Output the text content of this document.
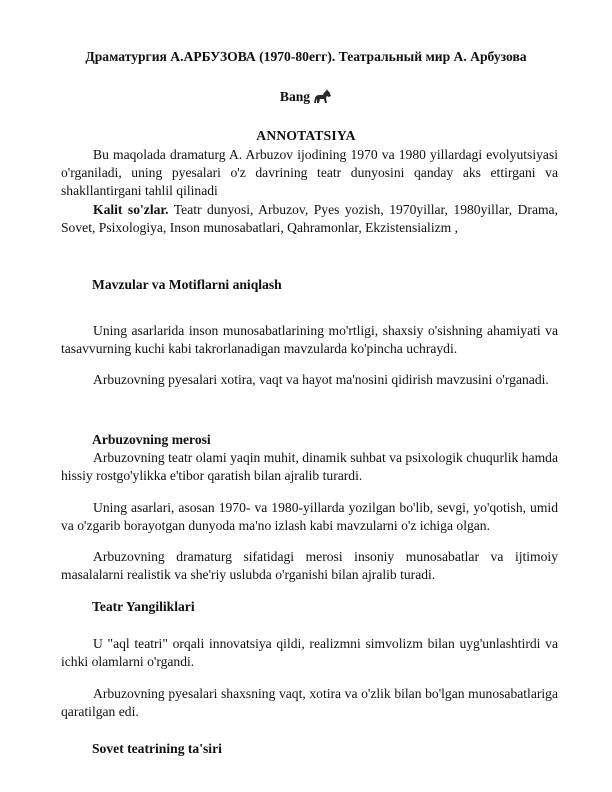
Драматургия А.АРБУЗОВА (1970-80егг). Театральный мир А. Арбузова
Bang
ANNOTATSIYA

Bu maqolada dramaturg A. Arbuzov ijodining 1970 va 1980 yillardagi evolyutsiyasi o'rganiladi, uning pyesalari o'z davrining teatr dunyosini qanday aks ettirgani va shakllantirgani tahlil qilinadi

Kalit so'zlar. Teatr dunyosi, Arbuzov, Pyes yozish, 1970yillar, 1980yillar, Drama, Sovet, Psixologiya, Inson munosabatlari, Qahramonlar, Ekzistensializm ,

Mavzular va Motiflarni aniqlash

Uning asarlarida inson munosabatlarining mo'rtligi, shaxsiy o'sishning ahamiyati va tasavvurning kuchi kabi takrorlanadigan mavzularda ko'pincha uchraydi.

Arbuzovning pyesalari xotira, vaqt va hayot ma'nosini qidirish mavzusini o'rganadi.

Arbuzovning merosi

Arbuzovning teatr olami yaqin muhit, dinamik suhbat va psixologik chuqurlik hamda hissiy rostgo'ylikka e'tibor qaratish bilan ajralib turardi.

Uning asarlari, asosan 1970- va 1980-yillarda yozilgan bo'lib, sevgi, yo'qotish, umid va o'zgarib borayotgan dunyoda ma'no izlash kabi mavzularni o'z ichiga olgan.

Arbuzovning dramaturg sifatidagi merosi insoniy munosabatlar va ijtimoiy masalalarni realistik va she'riy uslubda o'rganishi bilan ajralib turadi.

Teatr Yangiliklari

U "aql teatri" orqali innovatsiya qildi, realizmni simvolizm bilan uyg'unlashtirdi va ichki olamlarni o'rgandi.

Arbuzovning pyesalari shaxsning vaqt, xotira va o'zlik bilan bo'lgan munosabatlariga qaratilgan edi.

Sovet teatrining ta'siri
